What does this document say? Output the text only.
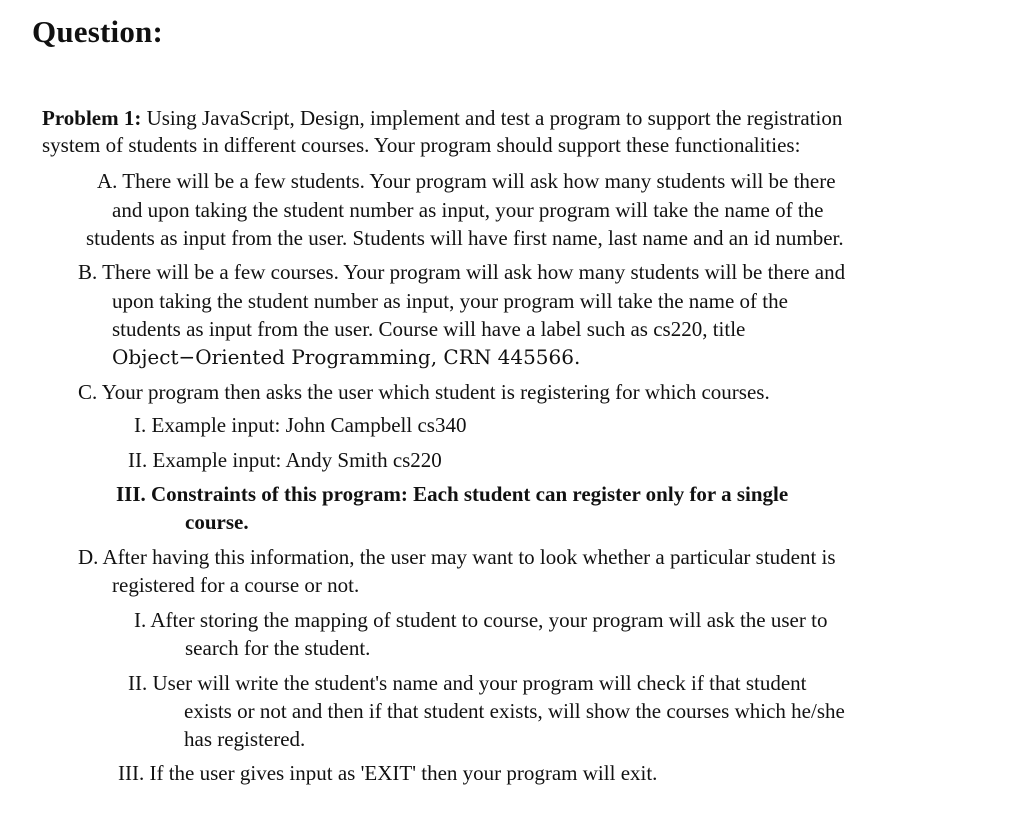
Question:

Problem 1: Using JavaScript, Design, implement and test a program to support the registration

system of students in different courses. Your program should support these functionalities:

A. There will be a few students. Your program will ask how many students will be there

and upon taking the student number as input, your program will take the name of the

students as input from the user. Students will have first name, last name and an id number.

B. There will be a few courses. Your program will ask how many students will be there and

upon taking the student number as input, your program will take the name of the

students as input from the user. Course will have a label such as cs220, title

Object−Oriented Programming, CRN 445566.

C. Your program then asks the user which student is registering for which courses.

I. Example input: John Campbell cs340

II. Example input: Andy Smith cs220

III. Constraints of this program: Each student can register only for a single

course.

D. After having this information, the user may want to look whether a particular student is

registered for a course or not.

I. After storing the mapping of student to course, your program will ask the user to

search for the student.

II. User will write the student's name and your program will check if that student

exists or not and then if that student exists, will show the courses which he/she

has registered.

III. If the user gives input as 'EXIT' then your program will exit.
